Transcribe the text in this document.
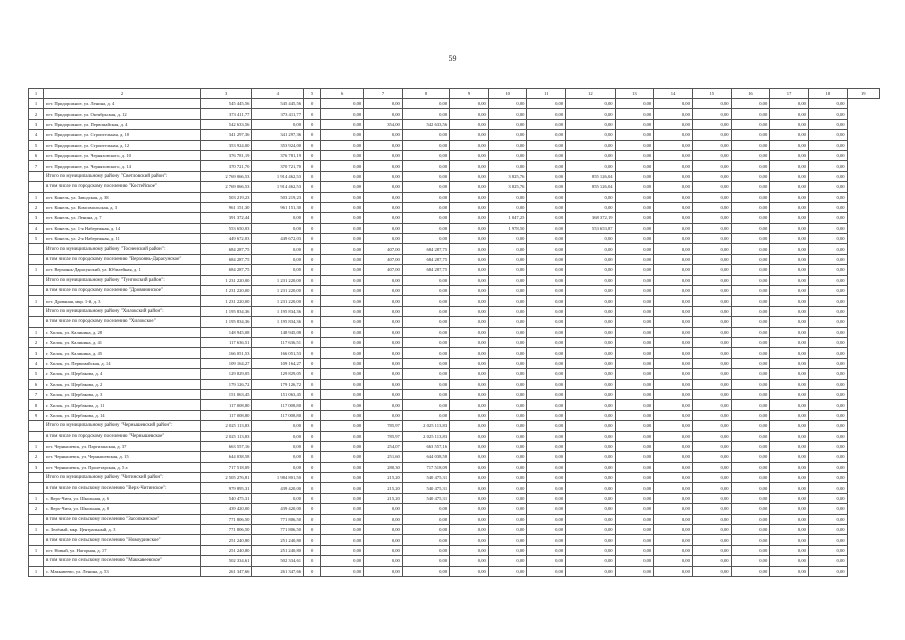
59
1	2	3	4	5	6	7	8	9	10	11	12	13	14	15	16	17	18	19
1	пгт. Придорожное, ул. Ленина, д. 4	545 445,56	545 445,56	0	0,00	0,00	0,00	0,00	0,00	0,00	0,00	0,00	0,00	0,00	0,00	0,00	0,00	
2	пгт. Придорожное, ул. Октябрьская, д. 12	373 411,77	373 411,77	0	0,00	0,00	0,00	0,00	0,00	0,00	0,00	0,00	0,00	0,00	0,00	0,00	0,00	
3	пгт. Придорожное, ул. Первомайская, д. 4	542 633,56	0,00	0	0,00	354,00	542 633,56	0,00	0,00	0,00	0,00	0,00	0,00	0,00	0,00	0,00	0,00	
4	пгт. Придорожное, ул. Строительная, д. 10	341 297,36	341 297,36	0	0,00	0,00	0,00	0,00	0,00	0,00	0,00	0,00	0,00	0,00	0,00	0,00	0,00	
5	пгт. Придорожное, ул. Строительная, д. 12	353 924,00	353 924,00	0	0,00	0,00	0,00	0,00	0,00	0,00	0,00	0,00	0,00	0,00	0,00	0,00	0,00	
6	пгт. Придорожное, ул. Черняховского, д. 10	376 781,19	376 781,19	0	0,00	0,00	0,00	0,00	0,00	0,00	0,00	0,00	0,00	0,00	0,00	0,00	0,00	
7	пгт. Придорожное, ул. Черняховского, д. 14	370 721,70	370 721,70	0	0,00	0,00	0,00	0,00	0,00	0,00	0,00	0,00	0,00	0,00	0,00	0,00	0,00	
	Итого по муниципальному району "Светловский район":	2 769 066,53	1 914 462,53	0	0,00	0,00	0,00	0,00	3 825,76	0,00	855 126,04	0,00	0,00	0,00	0,00	0,00	0,00	
	в том числе по городскому поселению "Костейское"	2 769 066,53	1 914 462,53	0	0,00	0,00	0,00	0,00	3 825,76	0,00	855 126,04	0,00	0,00	0,00	0,00	0,00	0,00	
1	пгт. Кинель, ул. Заводская, д. 38	503 219,23	503 219,23	0	0,00	0,00	0,00	0,00	0,00	0,00	0,00	0,00	0,00	0,00	0,00	0,00	0,00	
2	пгт. Кинель, ул. Комсомольская, д. 3	961 151,30	961 151,30	0	0,00	0,00	0,00	0,00	0,00	0,00	0,00	0,00	0,00	0,00	0,00	0,00	0,00	
3	пгт. Кинель, ул. Ленина, д. 7	391 372,44	0,00	0	0,00	0,00	0,00	0,00	1 047,25	0,00	368 372,19	0,00	0,00	0,00	0,00	0,00	0,00	
4	пгт. Кинель, ул. 1-я Набережная, д. 14	553 650,03	0,00	0	0,00	0,00	0,00	0,00	1 978,50	0,00	553 653,87	0,00	0,00	0,00	0,00	0,00	0,00	
5	пгт. Кинель, ул. 2-я Набережная, д. 11	449 672,03	449 672,03	0	0,00	0,00	0,00	0,00	0,00	0,00	0,00	0,00	0,00	0,00	0,00	0,00	0,00	
	Итого по муниципальному району "Тосненский район":	684 287,75	0,00	0	0,00	407,00	684 287,75	0,00	0,00	0,00	0,00	0,00	0,00	0,00	0,00	0,00	0,00	
	в том числе по городскому поселению "Верхоянь-Дарасунское"	684 287,75	0,00	0	0,00	407,00	684 287,75	0,00	0,00	0,00	0,00	0,00	0,00	0,00	0,00	0,00	0,00	
1	пгт. Верхоянь-Дарасунский, ул. Юбилейная, д. 1	684 287,75	0,00	0	0,00	407,00	684 287,75	0,00	0,00	0,00	0,00	0,00	0,00	0,00	0,00	0,00	0,00	
	Итого по муниципальному району "Тунгокский район":	1 231 220,00	1 231 220,00	0	0,00	0,00	0,00	0,00	0,00	0,00	0,00	0,00	0,00	0,00	0,00	0,00	0,00	
	в том числе по городскому поселению "Дровянинское"	1 231 220,00	1 231 220,00	0	0,00	0,00	0,00	0,00	0,00	0,00	0,00	0,00	0,00	0,00	0,00	0,00	0,00	
1	пгт. Дровяная, мкр. 1-й, д. 3	1 231 220,00	1 231 220,00	0	0,00	0,00	0,00	0,00	0,00	0,00	0,00	0,00	0,00	0,00	0,00	0,00	0,00	
	Итого по муниципальному району "Хилокский район":	1 195 834,36	1 195 834,36	0	0,00	0,00	0,00	0,00	0,00	0,00	0,00	0,00	0,00	0,00	0,00	0,00	0,00	
	в том числе по городскому поселению "Хилокское"	1 195 834,36	1 195 834,36	0	0,00	0,00	0,00	0,00	0,00	0,00	0,00	0,00	0,00	0,00	0,00	0,00	0,00	
1	г. Хилок, ул. Калинина, д. 28	148 945,08	148 945,08	0	0,00	0,00	0,00	0,00	0,00	0,00	0,00	0,00	0,00	0,00	0,00	0,00	0,00	
2	г. Хилок, ул. Калинина, д. 41	117 636,51	117 636,51	0	0,00	0,00	0,00	0,00	0,00	0,00	0,00	0,00	0,00	0,00	0,00	0,00	0,00	
3	г. Хилок, ул. Калинина, д. 45	166 051,53	166 051,53	0	0,00	0,00	0,00	0,00	0,00	0,00	0,00	0,00	0,00	0,00	0,00	0,00	0,00	
4	г. Хилок, ул. Первомайская, д. 14	109 164,27	109 164,27	0	0,00	0,00	0,00	0,00	0,00	0,00	0,00	0,00	0,00	0,00	0,00	0,00	0,00	
5	г. Хилок, ул. Щербакова, д. 4	129 829,05	129 829,05	0	0,00	0,00	0,00	0,00	0,00	0,00	0,00	0,00	0,00	0,00	0,00	0,00	0,00	
6	г. Хилок, ул. Щербакова, д. 2	179 126,72	179 126,72	0	0,00	0,00	0,00	0,00	0,00	0,00	0,00	0,00	0,00	0,00	0,00	0,00	0,00	
7	г. Хилок, ул. Щербакова, д. 3	151 063,45	151 063,45	0	0,00	0,00	0,00	0,00	0,00	0,00	0,00	0,00	0,00	0,00	0,00	0,00	0,00	
8	г. Хилок, ул. Щербакова, д. 11	117 008,80	117 008,80	0	0,00	0,00	0,00	0,00	0,00	0,00	0,00	0,00	0,00	0,00	0,00	0,00	0,00	
9	г. Хилок, ул. Щербакова, д. 14	117 008,80	117 008,80	0	0,00	0,00	0,00	0,00	0,00	0,00	0,00	0,00	0,00	0,00	0,00	0,00	0,00	
	Итого по муниципальному району "Чернышевский район":	2 025 113,83	0,00	0	0,00	785,97	2 025 113,83	0,00	0,00	0,00	0,00	0,00	0,00	0,00	0,00	0,00	0,00	
	в том числе по городскому поселению "Чернышевское"	2 025 113,83	0,00	0	0,00	785,97	2 025 113,83	0,00	0,00	0,00	0,00	0,00	0,00	0,00	0,00	0,00	0,00	
1	пгт. Чернышевск, ул. Партизанская, д. 37	663 557,16	0,00	0	0,00	254,07	663 557,16	0,00	0,00	0,00	0,00	0,00	0,00	0,00	0,00	0,00	0,00	
2	пгт. Чернышевск, ул. Чернышевская, д. 15	644 038,58	0,00	0	0,00	251,60	644 038,58	0,00	0,00	0,00	0,00	0,00	0,00	0,00	0,00	0,00	0,00	
3	пгт. Чернышевск, ул. Пролетарская, д. 5 а	717 518,09	0,00	0	0,00	280,30	717 518,09	0,00	0,00	0,00	0,00	0,00	0,00	0,00	0,00	0,00	0,00	
	Итого по муниципальному району "Читинский район":	2 505 276,81	1 984 801,50	0	0,00	215,20	540 475,31	0,00	0,00	0,00	0,00	0,00	0,00	0,00	0,00	0,00	0,00	
	в том числе по сельскому поселению "Верх-Читинское":	979 895,31	439 420,00	0	0,00	215,20	540 475,31	0,00	0,00	0,00	0,00	0,00	0,00	0,00	0,00	0,00	0,00	
1	с. Верх-Чита, ул. Школьная, д. 6	540 475,31	0,00	0	0,00	215,20	540 475,31	0,00	0,00	0,00	0,00	0,00	0,00	0,00	0,00	0,00	0,00	
2	с. Верх-Чита, ул. Школьная, д. 8	439 420,00	439 420,00	0	0,00	0,00	0,00	0,00	0,00	0,00	0,00	0,00	0,00	0,00	0,00	0,00	0,00	
	в том числе по сельскому поселению "Засопкинское"	771 806,50	771 806,50	0	0,00	0,00	0,00	0,00	0,00	0,00	0,00	0,00	0,00	0,00	0,00	0,00	0,00	
1	п. Зелёный, мкр. Центральный, д. 3	771 806,50	771 806,50	0	0,00	0,00	0,00	0,00	0,00	0,00	0,00	0,00	0,00	0,00	0,00	0,00	0,00	
	в том числе по сельскому поселению "Новоуринское"	251 240,80	251 240,80	0	0,00	0,00	0,00	0,00	0,00	0,00	0,00	0,00	0,00	0,00	0,00	0,00	0,00	
1	пгт. Новый, ул. Нагорная, д. 17	251 240,80	251 240,80	0	0,00	0,00	0,00	0,00	0,00	0,00	0,00	0,00	0,00	0,00	0,00	0,00	0,00	
	в том числе по сельскому поселению "Маккавеевское"	502 334,61	502 334,61	0	0,00	0,00	0,00	0,00	0,00	0,00	0,00	0,00	0,00	0,00	0,00	0,00	0,00	
1	с. Маккавеево, ул. Ленина, д. 53	261 347,66	261 347,66	0	0,00	0,00	0,00	0,00	0,00	0,00	0,00	0,00	0,00	0,00	0,00	0,00	0,00	
